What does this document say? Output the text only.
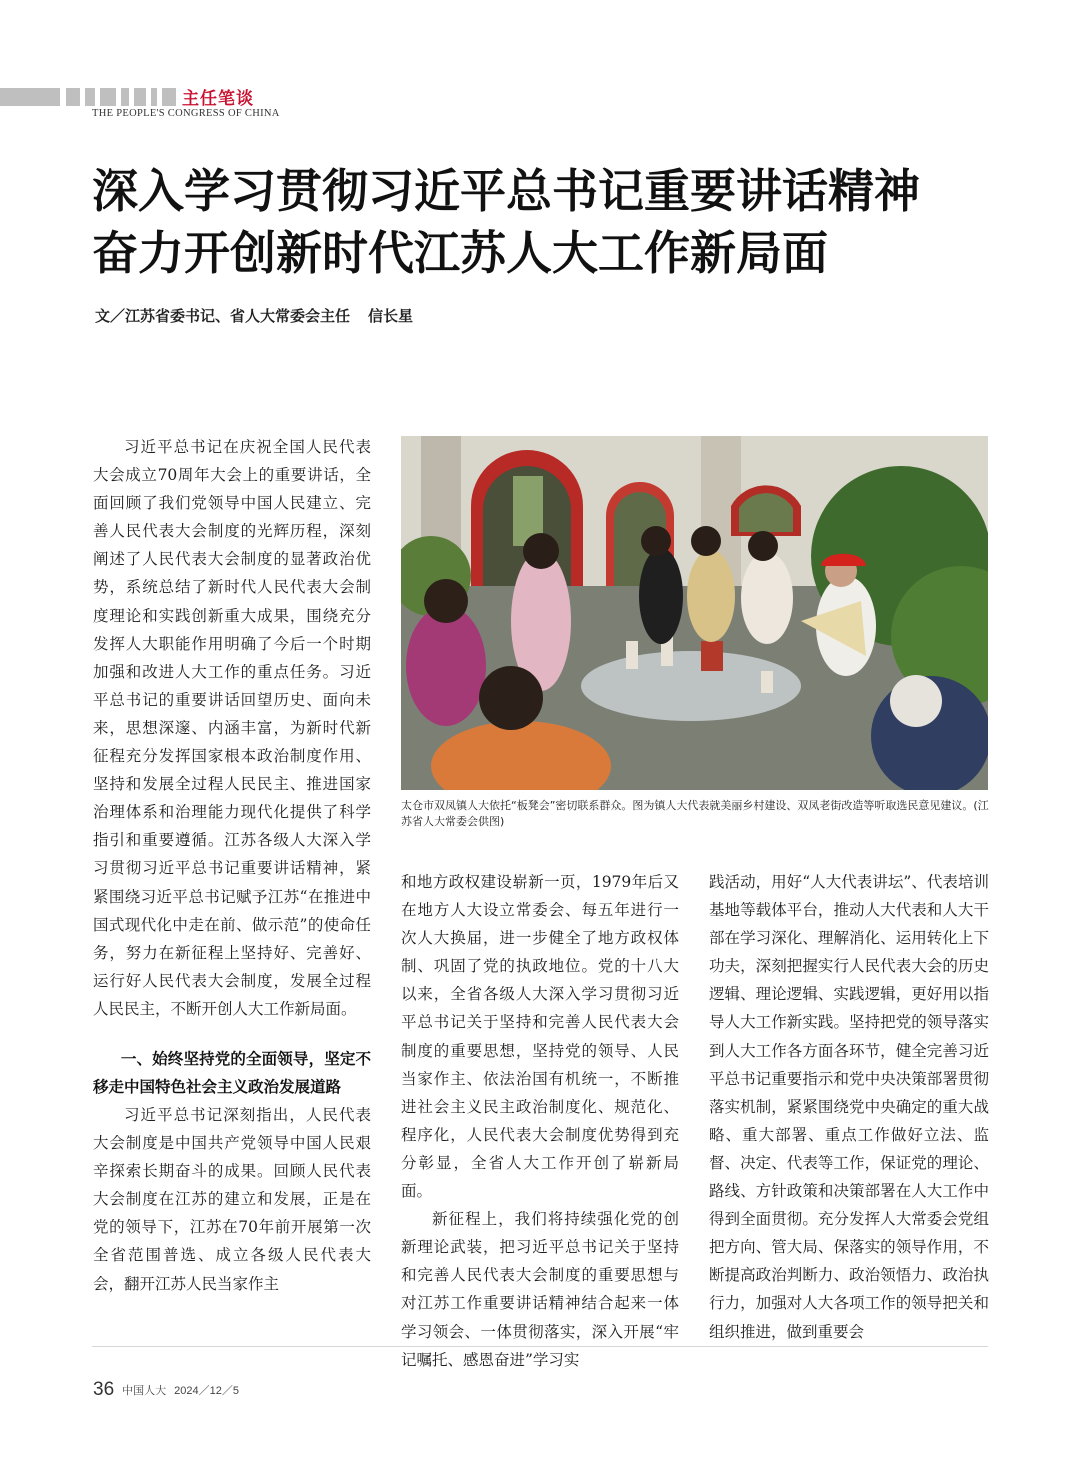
主任笔谈
THE PEOPLE'S CONGRESS OF CHINA
深入学习贯彻习近平总书记重要讲话精神
奋力开创新时代江苏人大工作新局面
文／江苏省委书记、省人大常委会主任 信长星

习近平总书记在庆祝全国人民代表大会成立70周年大会上的重要讲话，全面回顾了我们党领导中国人民建立、完善人民代表大会制度的光辉历程，深刻阐述了人民代表大会制度的显著政治优势，系统总结了新时代人民代表大会制度理论和实践创新重大成果，围绕充分发挥人大职能作用明确了今后一个时期加强和改进人大工作的重点任务。习近平总书记的重要讲话回望历史、面向未来，思想深邃、内涵丰富，为新时代新征程充分发挥国家根本政治制度作用、坚持和发展全过程人民民主、推进国家治理体系和治理能力现代化提供了科学指引和重要遵循。江苏各级人大深入学习贯彻习近平总书记重要讲话精神，紧紧围绕习近平总书记赋予江苏“在推进中国式现代化中走在前、做示范”的使命任务，努力在新征程上坚持好、完善好、运行好人民代表大会制度，发展全过程人民民主，不断开创人大工作新局面。

一、始终坚持党的全面领导，坚定不移走中国特色社会主义政治发展道路

习近平总书记深刻指出，人民代表大会制度是中国共产党领导中国人民艰辛探索长期奋斗的成果。回顾人民代表大会制度在江苏的建立和发展，正是在党的领导下，江苏在70年前开展第一次全省范围普选、成立各级人民代表大会，翻开江苏人民当家作主

太仓市双凤镇人大依托“板凳会”密切联系群众。图为镇人大代表就美丽乡村建设、双凤老街改造等听取选民意见建议。(江苏省人大常委会供图)

和地方政权建设崭新一页，1979年后又在地方人大设立常委会、每五年进行一次人大换届，进一步健全了地方政权体制、巩固了党的执政地位。党的十八大以来，全省各级人大深入学习贯彻习近平总书记关于坚持和完善人民代表大会制度的重要思想，坚持党的领导、人民当家作主、依法治国有机统一，不断推进社会主义民主政治制度化、规范化、程序化，人民代表大会制度优势得到充分彰显，全省人大工作开创了崭新局面。

新征程上，我们将持续强化党的创新理论武装，把习近平总书记关于坚持和完善人民代表大会制度的重要思想与对江苏工作重要讲话精神结合起来一体学习领会、一体贯彻落实，深入开展“牢记嘱托、感恩奋进”学习实

践活动，用好“人大代表讲坛”、代表培训基地等载体平台，推动人大代表和人大干部在学习深化、理解消化、运用转化上下功夫，深刻把握实行人民代表大会的历史逻辑、理论逻辑、实践逻辑，更好用以指导人大工作新实践。坚持把党的领导落实到人大工作各方面各环节，健全完善习近平总书记重要指示和党中央决策部署贯彻落实机制，紧紧围绕党中央确定的重大战略、重大部署、重点工作做好立法、监督、决定、代表等工作，保证党的理论、路线、方针政策和决策部署在人大工作中得到全面贯彻。充分发挥人大常委会党组把方向、管大局、保落实的领导作用，不断提高政治判断力、政治领悟力、政治执行力，加强对人大各项工作的领导把关和组织推进，做到重要会

36 中国人大 2024／12／5
